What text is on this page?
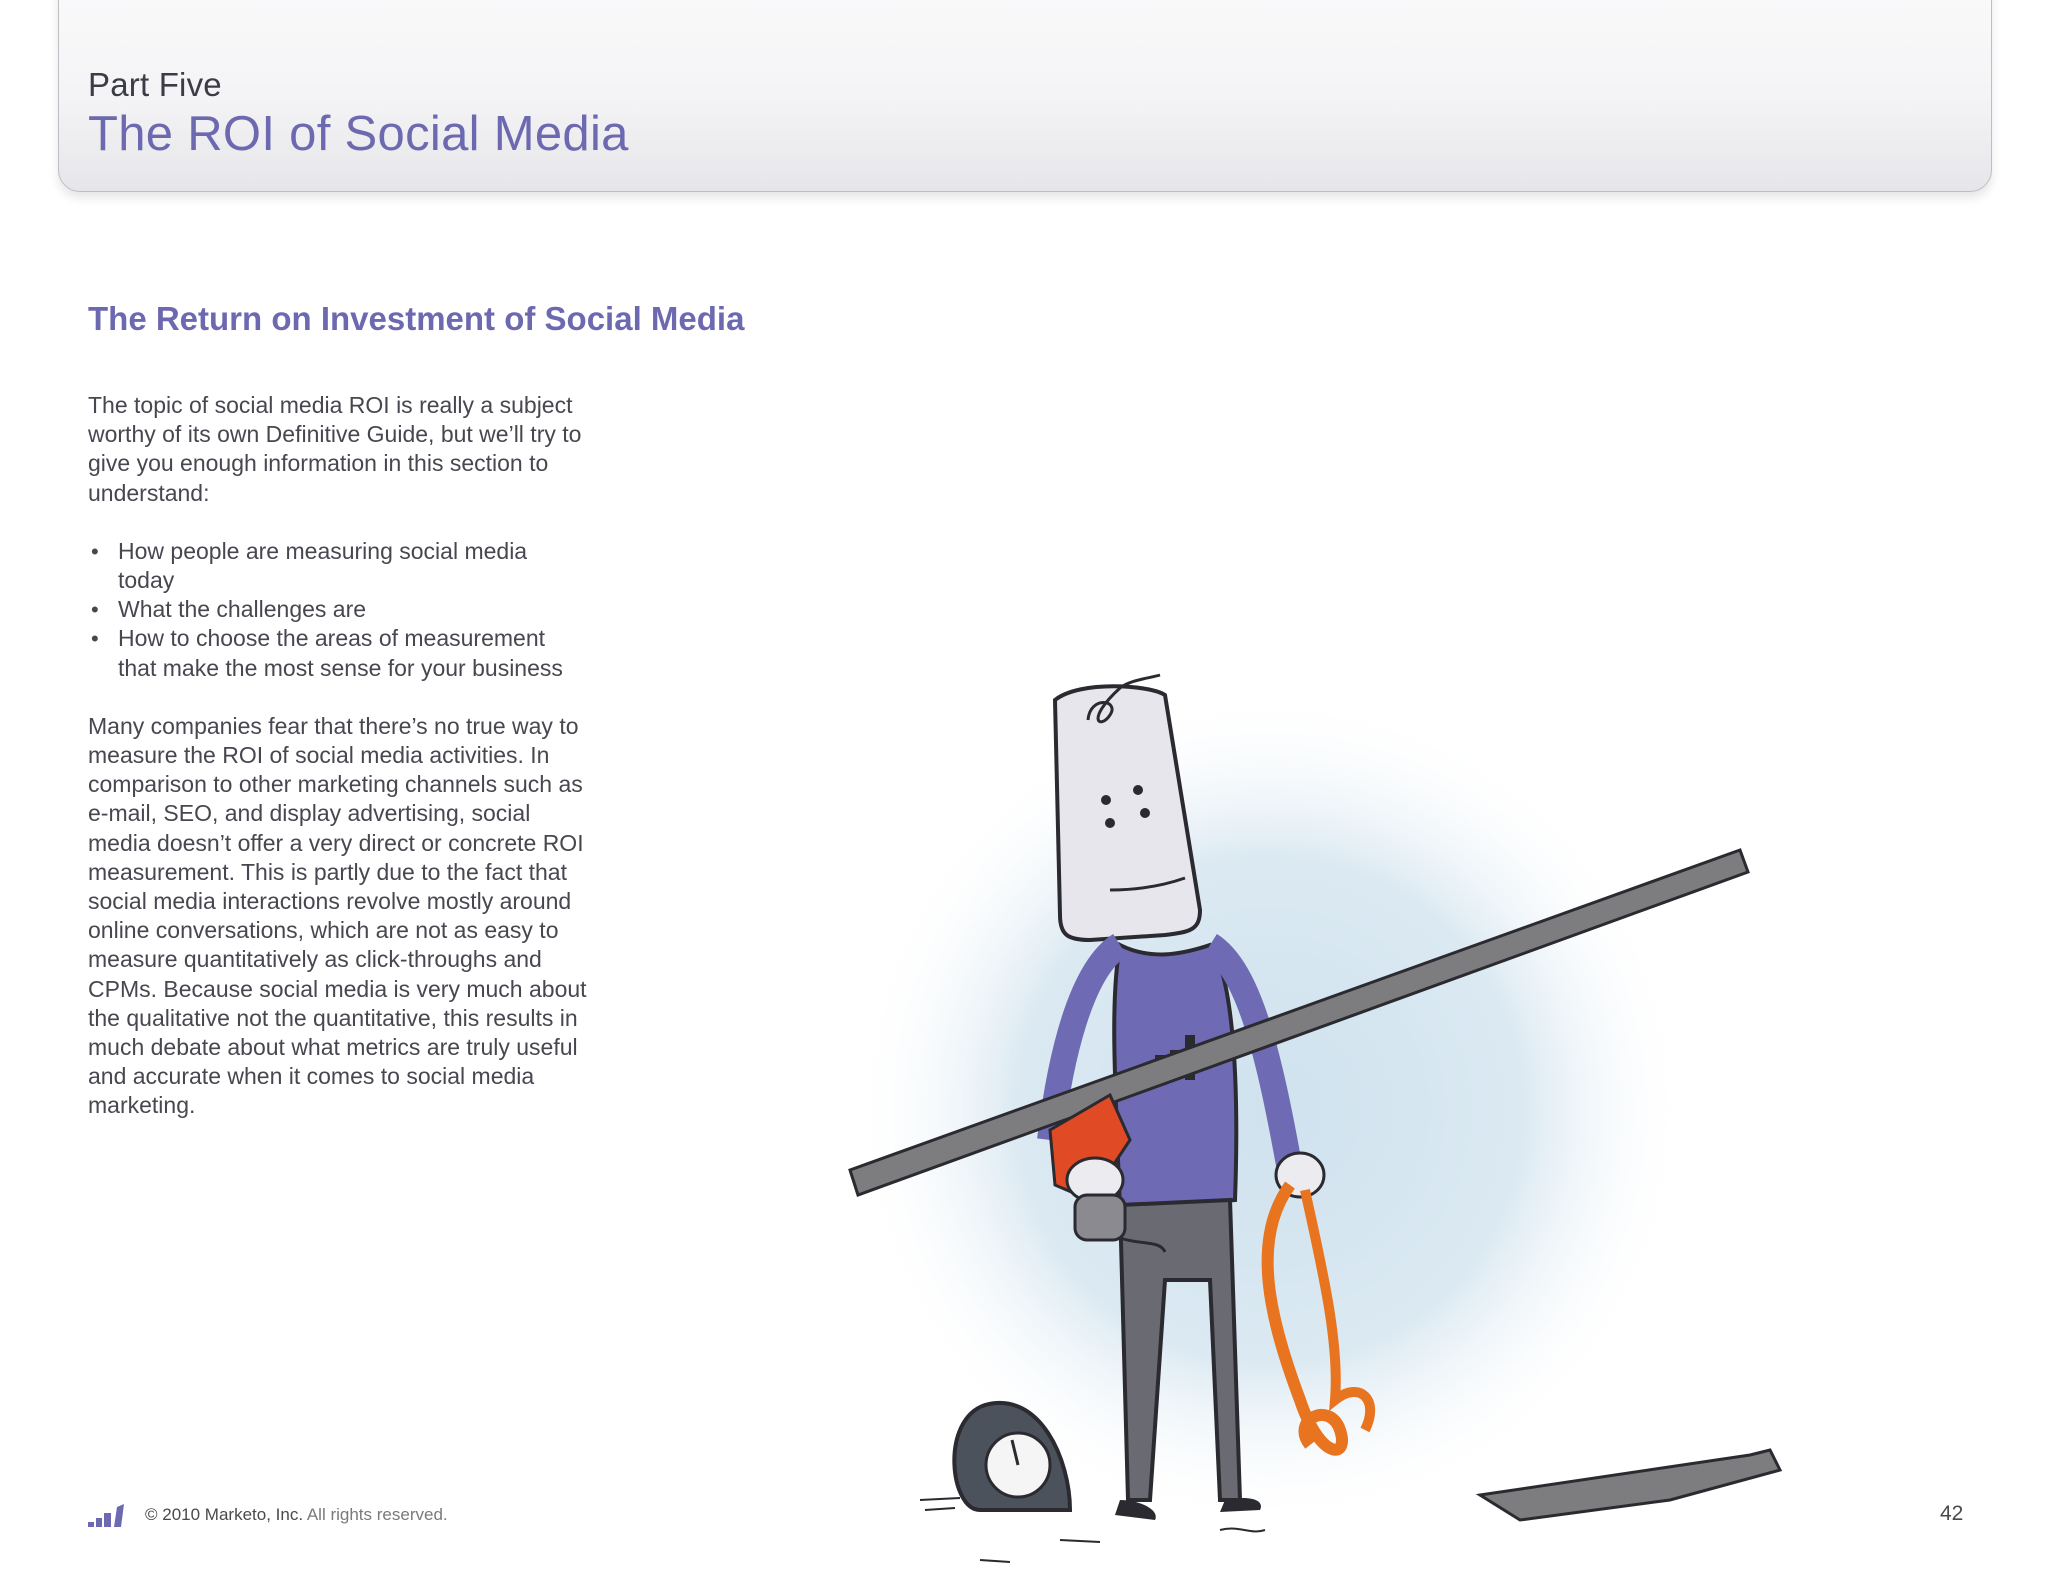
Part Five
The ROI of Social Media
The Return on Investment of Social Media

The topic of social media ROI is really a subject worthy of its own Definitive Guide, but we’ll try to give you enough information in this section to understand:

• How people are measuring social media today
• What the challenges are
• How to choose the areas of measurement that make the most sense for your business

Many companies fear that there’s no true way to measure the ROI of social media activities. In comparison to other marketing channels such as e-mail, SEO, and display advertising, social media doesn’t offer a very direct or concrete ROI measurement. This is partly due to the fact that social media interactions revolve mostly around online conversations, which are not as easy to measure quantitatively as click-throughs and CPMs. Because social media is very much about the qualitative not the quantitative, this results in much debate about what metrics are truly useful and accurate when it comes to social media marketing.

© 2010 Marketo, Inc. All rights reserved.	42
